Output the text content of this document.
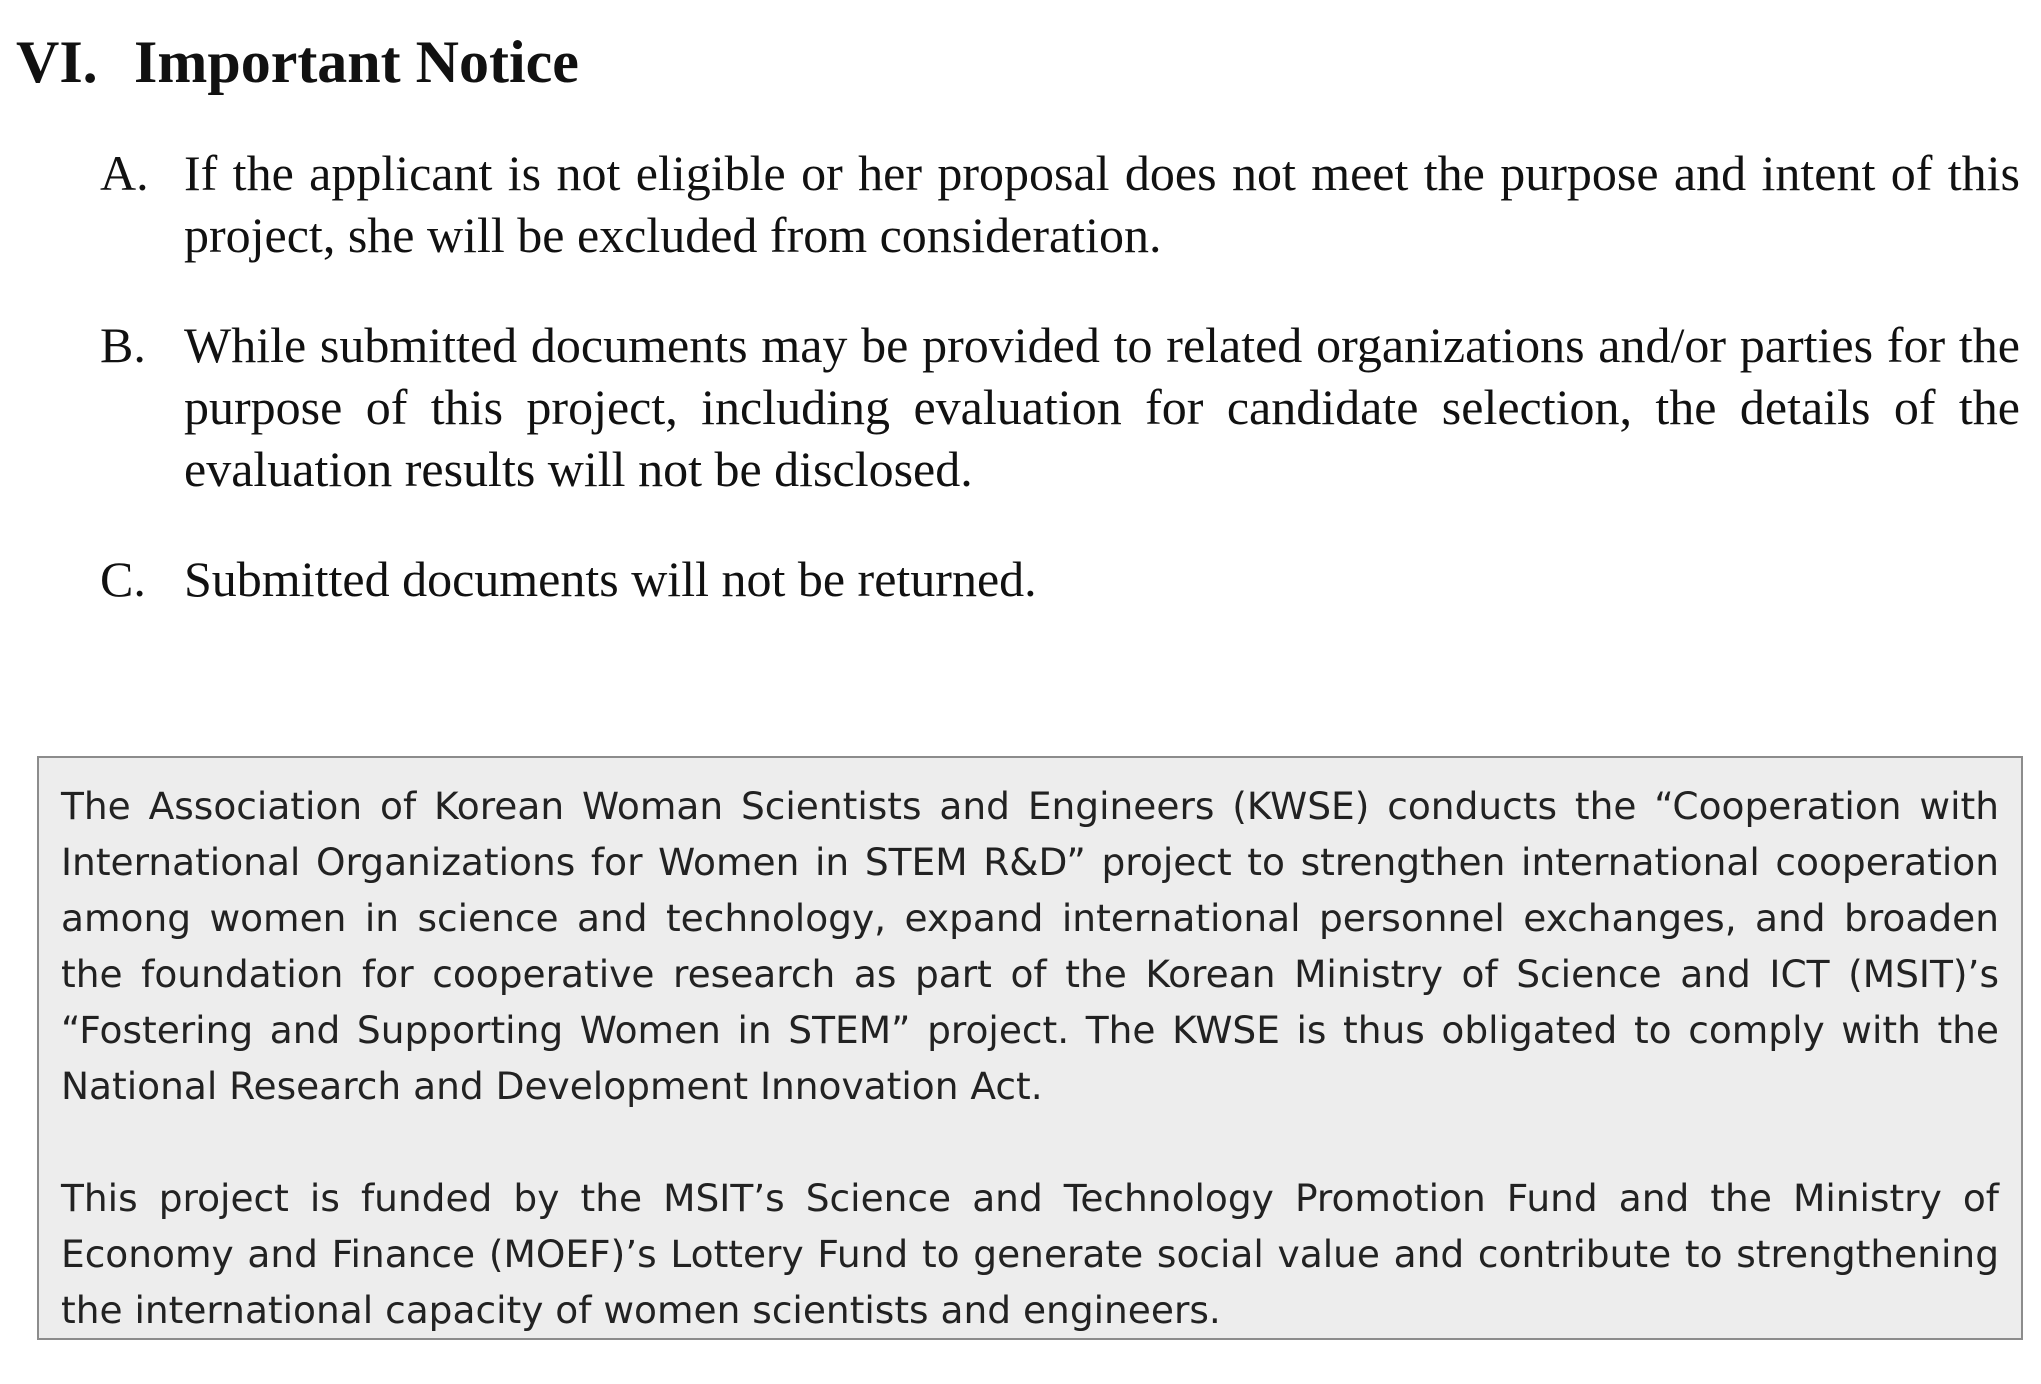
VI. Important Notice
A. If the applicant is not eligible or her proposal does not meet the purpose and intent of this project, she will be excluded from consideration.
B. While submitted documents may be provided to related organizations and/or parties for the purpose of this project, including evaluation for candidate selection, the details of the evaluation results will not be disclosed.
C. Submitted documents will not be returned.

The Association of Korean Woman Scientists and Engineers (KWSE) conducts the “Cooperation with International Organizations for Women in STEM R&D” project to strengthen international cooperation among women in science and technology, expand international personnel exchanges, and broaden the foundation for cooperative research as part of the Korean Ministry of Science and ICT (MSIT)’s “Fostering and Supporting Women in STEM” project. The KWSE is thus obligated to comply with the National Research and Development Innovation Act.

This project is funded by the MSIT’s Science and Technology Promotion Fund and the Ministry of Economy and Finance (MOEF)’s Lottery Fund to generate social value and contribute to strengthening the international capacity of women scientists and engineers.
